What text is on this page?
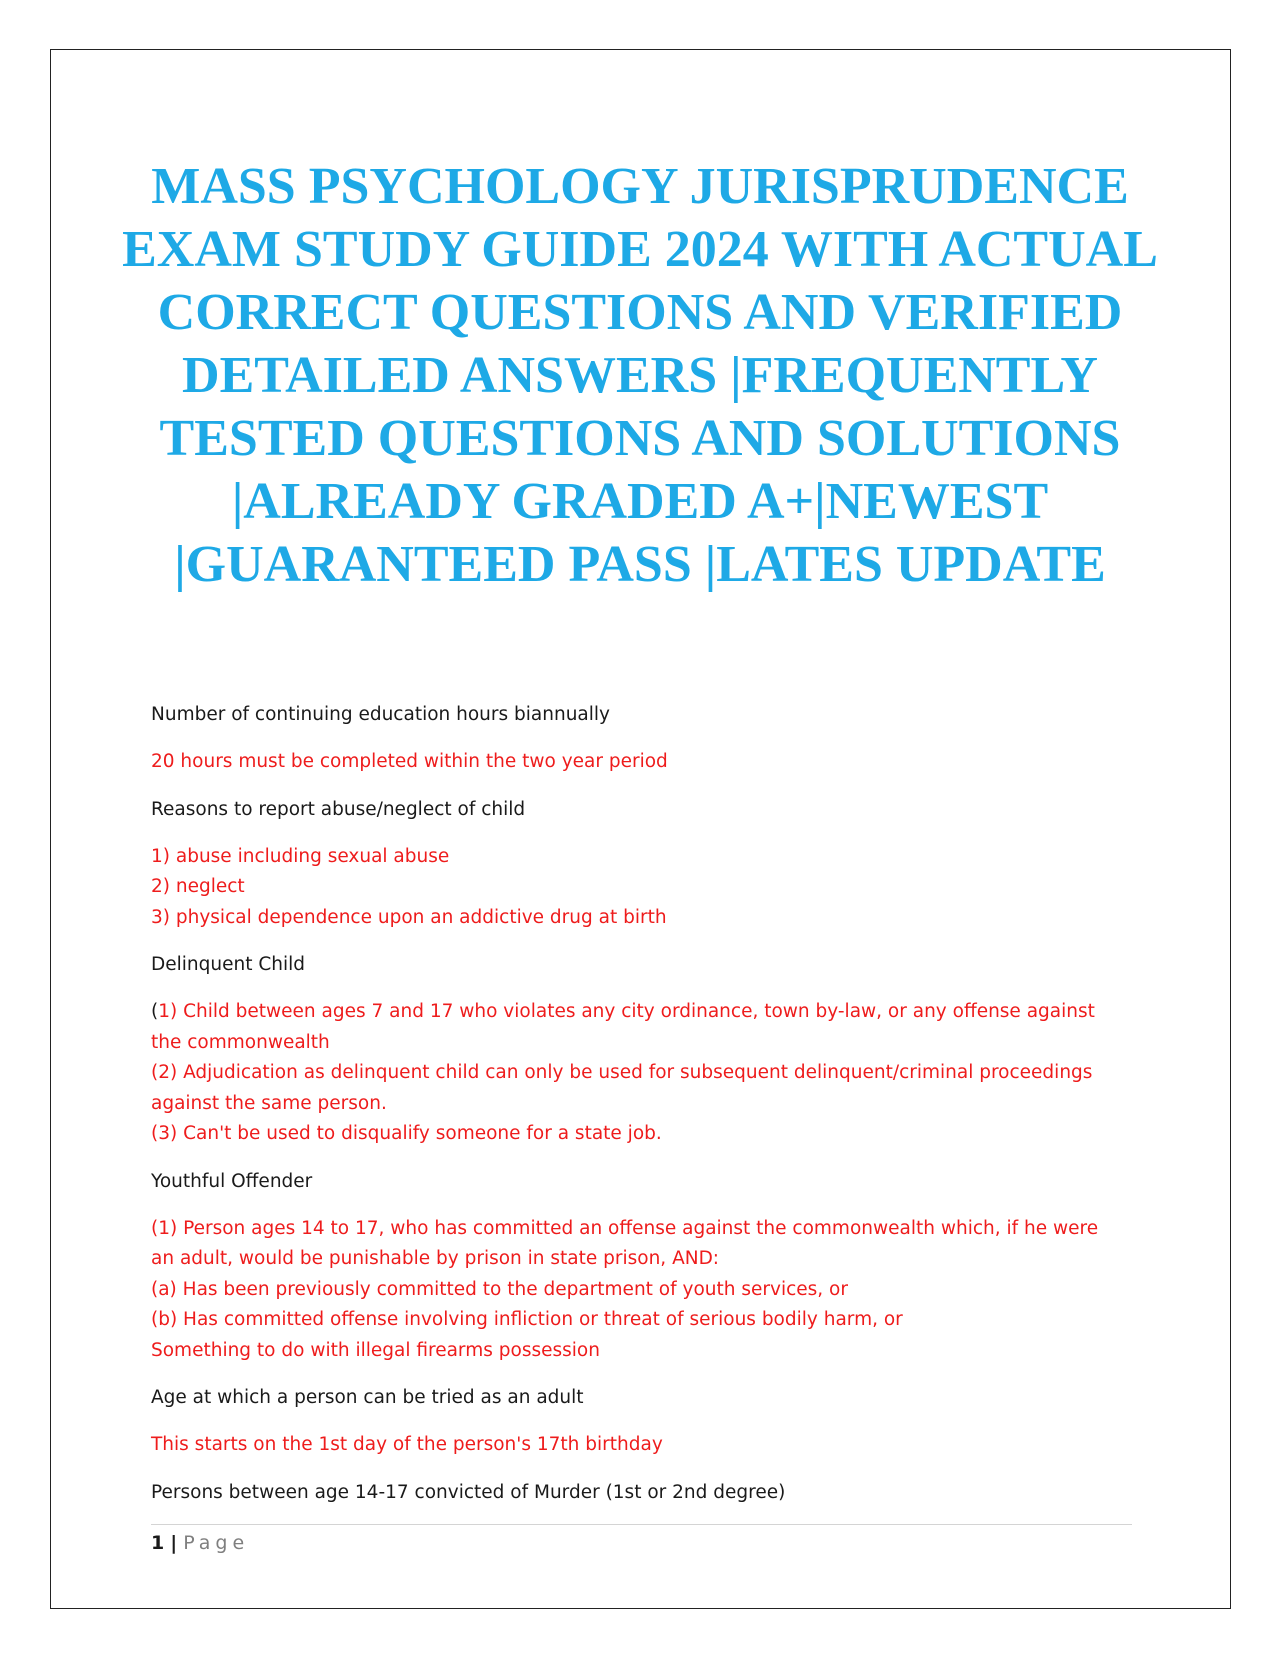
MASS PSYCHOLOGY JURISPRUDENCE EXAM STUDY GUIDE 2024 WITH ACTUAL CORRECT QUESTIONS AND VERIFIED DETAILED ANSWERS |FREQUENTLY TESTED QUESTIONS AND SOLUTIONS |ALREADY GRADED A+|NEWEST |GUARANTEED PASS |LATES UPDATE
Number of continuing education hours biannually
20 hours must be completed within the two year period
Reasons to report abuse/neglect of child
1) abuse including sexual abuse
2) neglect
3) physical dependence upon an addictive drug at birth
Delinquent Child
(1) Child between ages 7 and 17 who violates any city ordinance, town by-law, or any offense against
the commonwealth
(2) Adjudication as delinquent child can only be used for subsequent delinquent/criminal proceedings
against the same person.
(3) Can't be used to disqualify someone for a state job.
Youthful Offender
(1) Person ages 14 to 17, who has committed an offense against the commonwealth which, if he were
an adult, would be punishable by prison in state prison, AND:
(a) Has been previously committed to the department of youth services, or
(b) Has committed offense involving infliction or threat of serious bodily harm, or
Something to do with illegal firearms possession
Age at which a person can be tried as an adult
This starts on the 1st day of the person's 17th birthday
Persons between age 14-17 convicted of Murder (1st or 2nd degree)
1 | Page
